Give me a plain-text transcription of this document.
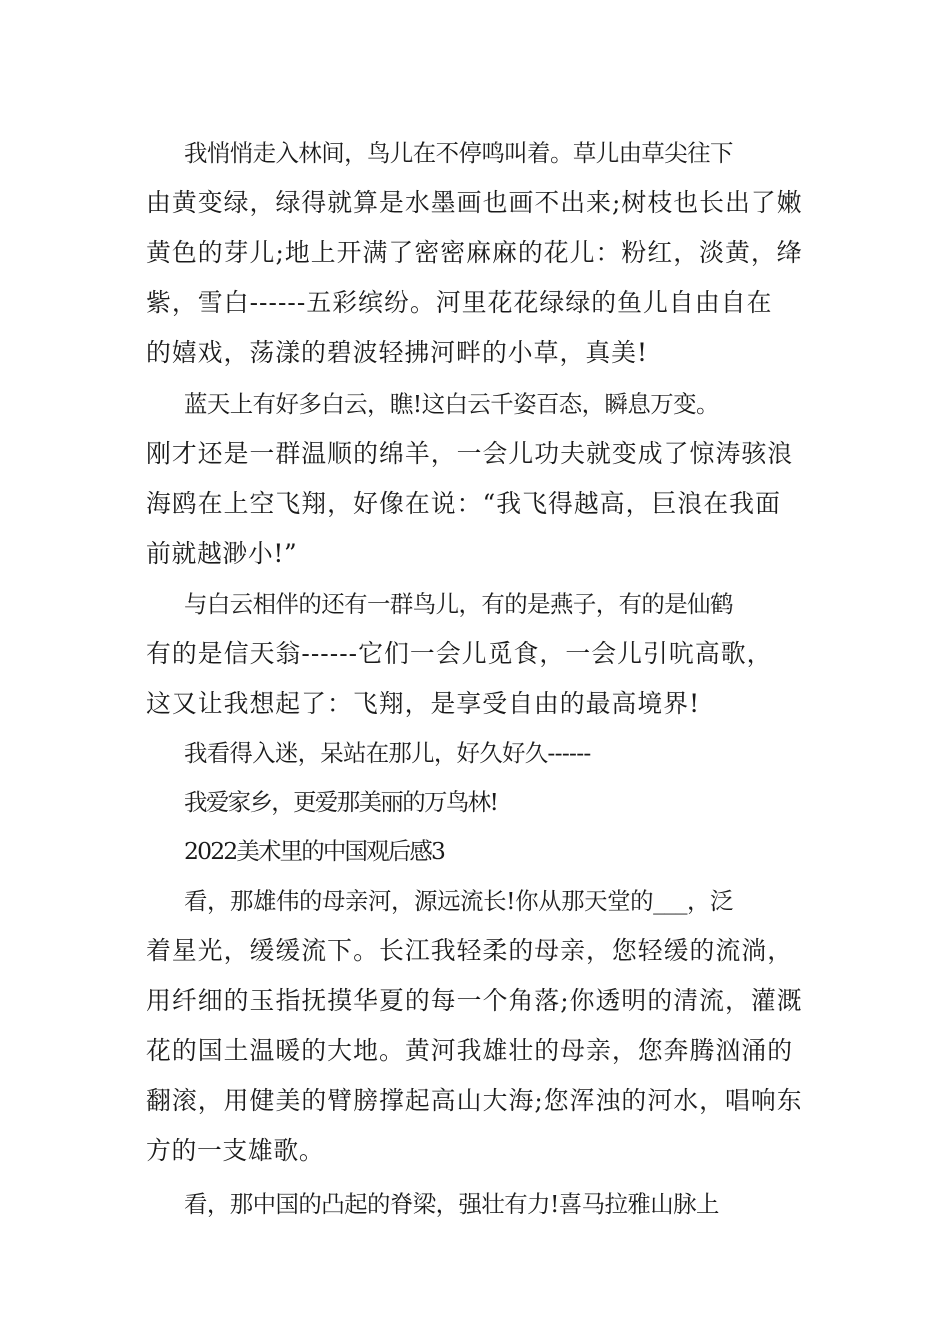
我悄悄走入林间，鸟儿在不停鸣叫着。草儿由草尖往下
由黄变绿，绿得就算是水墨画也画不出来;树枝也长出了嫩
黄色的芽儿;地上开满了密密麻麻的花儿：粉红，淡黄，绛
紫，雪白------五彩缤纷。河里花花绿绿的鱼儿自由自在
的嬉戏，荡漾的碧波轻拂河畔的小草，真美!
蓝天上有好多白云，瞧!这白云千姿百态，瞬息万变。
刚才还是一群温顺的绵羊，一会儿功夫就变成了惊涛骇浪
海鸥在上空飞翔，好像在说：“我飞得越高，巨浪在我面
前就越渺小!”
与白云相伴的还有一群鸟儿，有的是燕子，有的是仙鹤
有的是信天翁------它们一会儿觅食，一会儿引吭高歌，
这又让我想起了：飞翔，是享受自由的最高境界!
我看得入迷，呆站在那儿，好久好久------
我爱家乡，更爱那美丽的万鸟林!
2022美术里的中国观后感3
看，那雄伟的母亲河，源远流长!你从那天堂的___，泛
着星光，缓缓流下。长江我轻柔的母亲，您轻缓的流淌，
用纤细的玉指抚摸华夏的每一个角落;你透明的清流，灌溉
花的国土温暖的大地。黄河我雄壮的母亲，您奔腾汹涌的
翻滚，用健美的臂膀撑起高山大海;您浑浊的河水，唱响东
方的一支雄歌。
看，那中国的凸起的脊梁，强壮有力!喜马拉雅山脉上
